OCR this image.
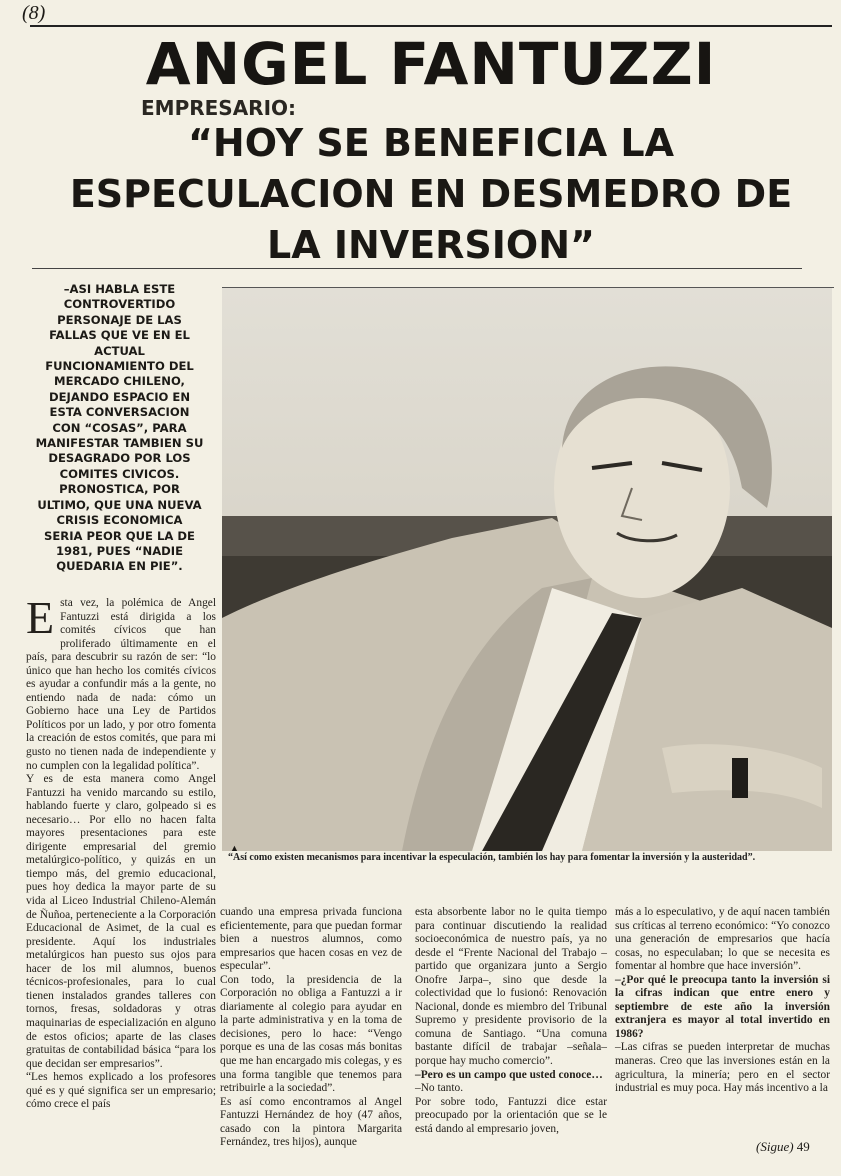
(8)
ANGEL FANTUZZI
EMPRESARIO:
“HOY SE BENEFICIA LA
ESPECULACION EN DESMEDRO DE
LA INVERSION”
–ASI HABLA ESTE
CONTROVERTIDO
PERSONAJE DE LAS
FALLAS QUE VE EN EL
ACTUAL
FUNCIONAMIENTO DEL
MERCADO CHILENO,
DEJANDO ESPACIO EN
ESTA CONVERSACION
CON “COSAS”, PARA
MANIFESTAR TAMBIEN SU
DESAGRADO POR LOS
COMITES CIVICOS.
PRONOSTICA, POR
ULTIMO, QUE UNA NUEVA
CRISIS ECONOMICA
SERIA PEOR QUE LA DE
1981, PUES “NADIE
QUEDARIA EN PIE”.
▲
“Así como existen mecanismos para incentivar la especulación, también los hay para fomentar la inversión y la austeridad”.

Esta vez, la polémica de Angel Fantuzzi está dirigida a los comités cívicos que han proliferado últimamente en el país, para descubrir su razón de ser: “lo único que han hecho los comités cívicos es ayudar a confundir más a la gente, no entiendo nada de nada: cómo un Gobierno hace una Ley de Partidos Políticos por un lado, y por otro fomenta la creación de estos comités, que para mi gusto no tienen nada de independiente y no cumplen con la legalidad política”.

Y es de esta manera como Angel Fantuzzi ha venido marcando su estilo, hablando fuerte y claro, golpeado si es necesario… Por ello no hacen falta mayores presentaciones para este dirigente empresarial del gremio metalúrgico-político, y quizás en un tiempo más, del gremio educacional, pues hoy dedica la mayor parte de su vida al Liceo Industrial Chileno-Alemán de Ñuñoa, perteneciente a la Corporación Educacional de Asimet, de la cual es presidente. Aquí los industriales metalúrgicos han puesto sus ojos para hacer de los mil alumnos, buenos técnicos-profesionales, para lo cual tienen instalados grandes talleres con tornos, fresas, soldadoras y otras maquinarias de especialización en alguno de estos oficios; aparte de las clases gratuitas de contabilidad básica “para los que decidan ser empresarios”.

“Les hemos explicado a los profesores qué es y qué significa ser un empresario; cómo crece el país

cuando una empresa privada funciona eficientemente, para que puedan formar bien a nuestros alumnos, como empresarios que hacen cosas en vez de especular”.

Con todo, la presidencia de la Corporación no obliga a Fantuzzi a ir diariamente al colegio para ayudar en la parte administrativa y en la toma de decisiones, pero lo hace: “Vengo porque es una de las cosas más bonitas que me han encargado mis colegas, y es una forma tangible que tenemos para retribuirle a la sociedad”.

Es así como encontramos al Angel Fantuzzi Hernández de hoy (47 años, casado con la pintora Margarita Fernández, tres hijos), aunque

esta absorbente labor no le quita tiempo para continuar discutiendo la realidad socioeconómica de nuestro país, ya no desde el “Frente Nacional del Trabajo –partido que organizara junto a Sergio Onofre Jarpa–, sino que desde la colectividad que lo fusionó: Renovación Nacional, donde es miembro del Tribunal Supremo y presidente provisorio de la comuna de Santiago. “Una comuna bastante difícil de trabajar –señala– porque hay mucho comercio”.

–Pero es un campo que usted conoce…

–No tanto.

Por sobre todo, Fantuzzi dice estar preocupado por la orientación que se le está dando al empresario joven,

más a lo especulativo, y de aquí nacen también sus críticas al terreno económico: “Yo conozco una generación de empresarios que hacía cosas, no especulaban; lo que se necesita es fomentar al hombre que hace inversión”.

–¿Por qué le preocupa tanto la inversión si la cifras indican que entre enero y septiembre de este año la inversión extranjera es mayor al total invertido en 1986?

–Las cifras se pueden interpretar de muchas maneras. Creo que las inversiones están en la agricultura, la minería; pero en el sector industrial es muy poca. Hay más incentivo a la

(Sigue) 49
